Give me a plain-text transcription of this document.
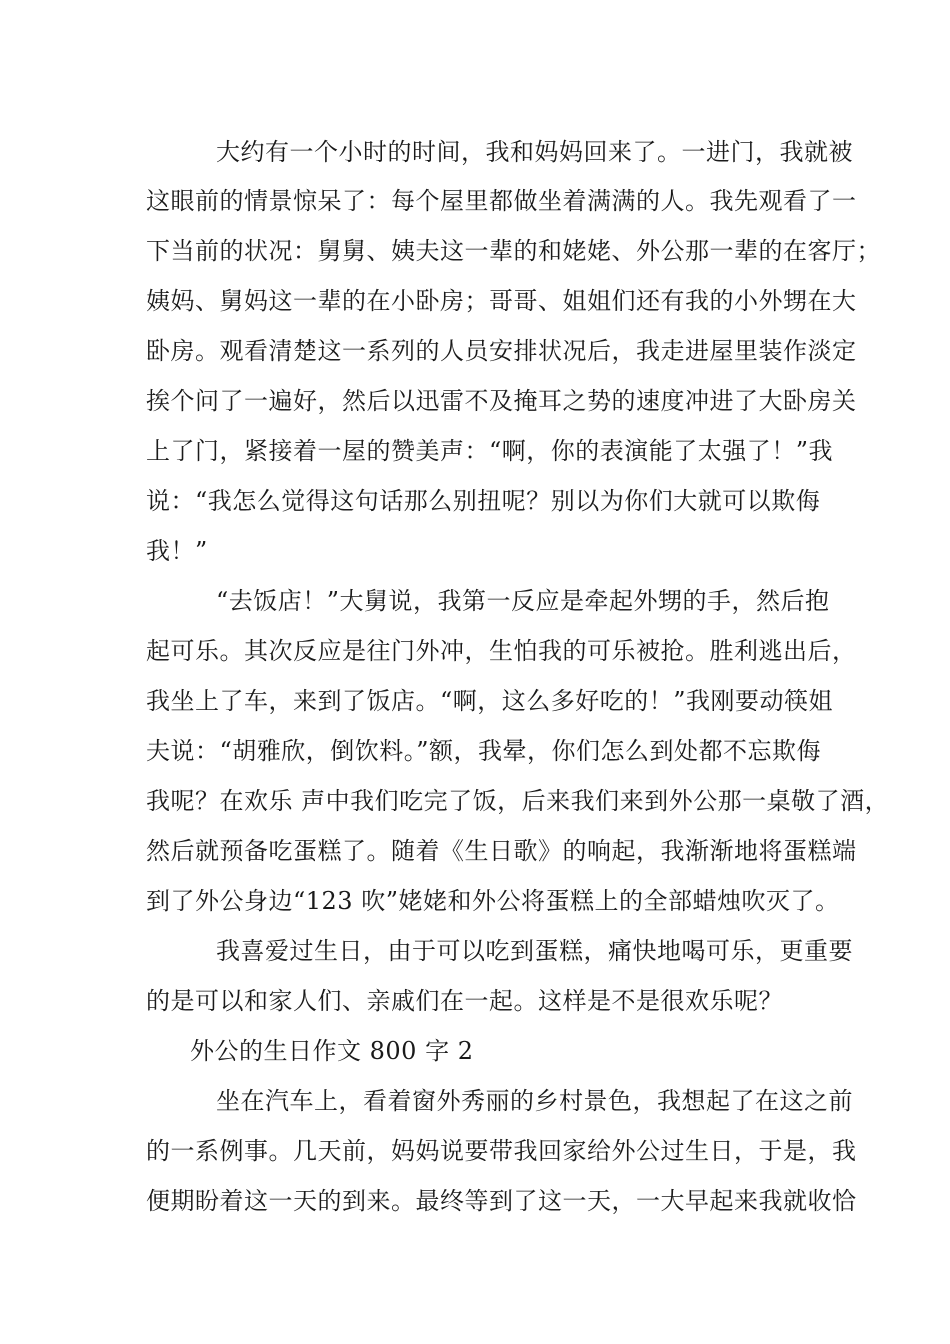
大约有一个小时的时间，我和妈妈回来了。一进门，我就被
这眼前的情景惊呆了：每个屋里都做坐着满满的人。我先观看了一
下当前的状况：舅舅、姨夫这一辈的和姥姥、外公那一辈的在客厅；
姨妈、舅妈这一辈的在小卧房；哥哥、姐姐们还有我的小外甥在大
卧房。观看清楚这一系列的人员安排状况后，我走进屋里装作淡定
挨个问了一遍好，然后以迅雷不及掩耳之势的速度冲进了大卧房关
上了门，紧接着一屋的赞美声：“啊，你的表演能了太强了！”我
说：“我怎么觉得这句话那么别扭呢？别以为你们大就可以欺侮
我！”
“去饭店！”大舅说，我第一反应是牵起外甥的手，然后抱
起可乐。其次反应是往门外冲，生怕我的可乐被抢。胜利逃出后，
我坐上了车，来到了饭店。“啊，这么多好吃的！”我刚要动筷姐
夫说：“胡雅欣，倒饮料。”额，我晕，你们怎么到处都不忘欺侮
我呢？在欢乐 声中我们吃完了饭，后来我们来到外公那一桌敬了酒，
然后就预备吃蛋糕了。随着《生日歌》的响起，我渐渐地将蛋糕端
到了外公身边“123 吹”姥姥和外公将蛋糕上的全部蜡烛吹灭了。
我喜爱过生日，由于可以吃到蛋糕，痛快地喝可乐，更重要
的是可以和家人们、亲戚们在一起。这样是不是很欢乐呢？
外公的生日作文 800 字 2
坐在汽车上，看着窗外秀丽的乡村景色，我想起了在这之前
的一系例事。几天前，妈妈说要带我回家给外公过生日，于是，我
便期盼着这一天的到来。最终等到了这一天，一大早起来我就收恰
